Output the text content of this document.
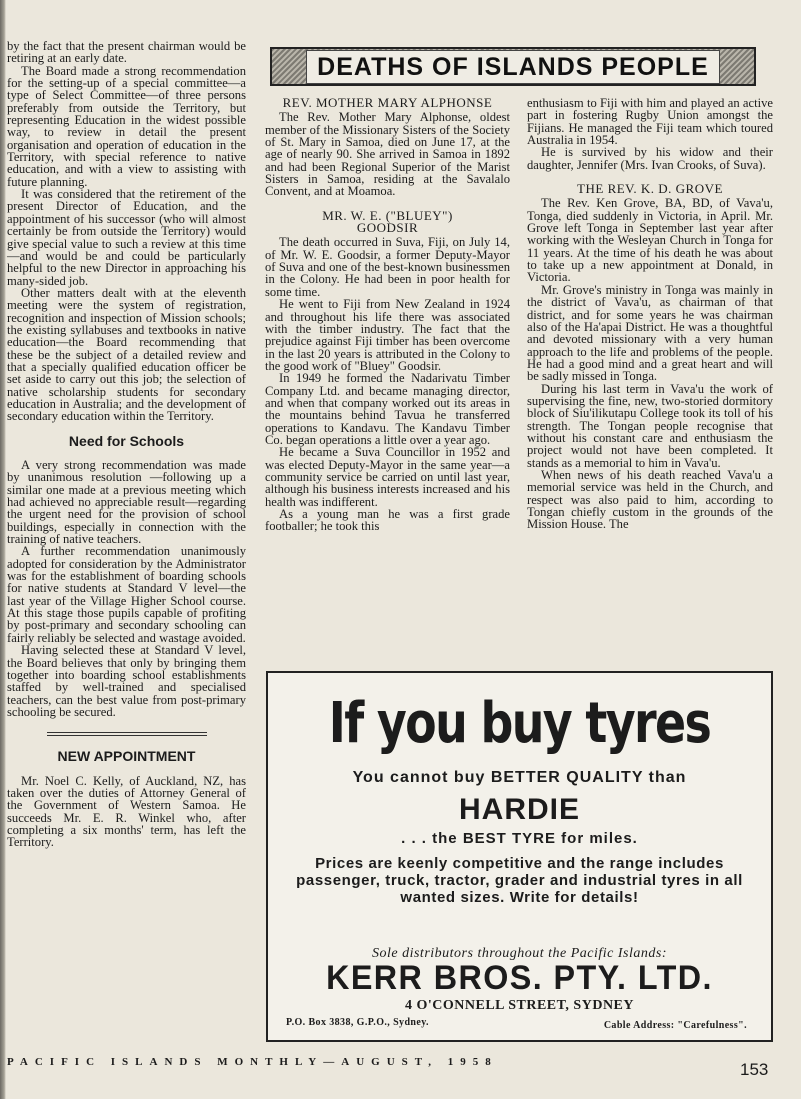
by the fact that the present chairman would be retiring at an early date.

The Board made a strong recommendation for the setting-up of a special committee—a type of Select Committee—of three persons preferably from outside the Territory, but representing Education in the widest possible way, to review in detail the present organisation and operation of education in the Territory, with special reference to native education, and with a view to assisting with future planning.

It was considered that the retirement of the present Director of Education, and the appointment of his successor (who will almost certainly be from outside the Territory) would give special value to such a review at this time—and would be and could be particularly helpful to the new Director in approaching his many-sided job.

Other matters dealt with at the eleventh meeting were the system of registration, recognition and inspection of Mission schools; the existing syllabuses and textbooks in native education—the Board recommending that these be the subject of a detailed review and that a specially qualified education officer be set aside to carry out this job; the selection of native scholarship students for secondary education in Australia; and the development of secondary education within the Territory.

Need for Schools

A very strong recommendation was made by unanimous resolution —following up a similar one made at a previous meeting which had achieved no appreciable result—regarding the urgent need for the provision of school buildings, especially in connection with the training of native teachers.

A further recommendation unanimously adopted for consideration by the Administrator was for the establishment of boarding schools for native students at Standard V level—the last year of the Village Higher School course. At this stage those pupils capable of profiting by post-primary and secondary schooling can fairly reliably be selected and wastage avoided.

Having selected these at Standard V level, the Board believes that only by bringing them together into boarding school establishments staffed by well-trained and specialised teachers, can the best value from post-primary schooling be secured.

NEW APPOINTMENT

Mr. Noel C. Kelly, of Auckland, NZ, has taken over the duties of Attorney General of the Government of Western Samoa. He succeeds Mr. E. R. Winkel who, after completing a six months' term, has left the Territory.

DEATHS OF ISLANDS PEOPLE
REV. MOTHER MARY ALPHONSE

The Rev. Mother Mary Alphonse, oldest member of the Missionary Sisters of the Society of St. Mary in Samoa, died on June 17, at the age of nearly 90. She arrived in Samoa in 1892 and had been Regional Superior of the Marist Sisters in Samoa, residing at the Savalalo Convent, and at Moamoa.

MR. W. E. ("BLUEY")
GOODSIR

The death occurred in Suva, Fiji, on July 14, of Mr. W. E. Goodsir, a former Deputy-Mayor of Suva and one of the best-known businessmen in the Colony. He had been in poor health for some time.

He went to Fiji from New Zealand in 1924 and throughout his life there was associated with the timber industry. The fact that the prejudice against Fiji timber has been overcome in the last 20 years is attributed in the Colony to the good work of "Bluey" Goodsir.

In 1949 he formed the Nadarivatu Timber Company Ltd. and became managing director, and when that company worked out its areas in the mountains behind Tavua he transferred operations to Kandavu. The Kandavu Timber Co. began operations a little over a year ago.

He became a Suva Councillor in 1952 and was elected Deputy-Mayor in the same year—a community service be carried on until last year, although his business interests increased and his health was indifferent.

As a young man he was a first grade footballer; he took this

enthusiasm to Fiji with him and played an active part in fostering Rugby Union amongst the Fijians. He managed the Fiji team which toured Australia in 1954.

He is survived by his widow and their daughter, Jennifer (Mrs. Ivan Crooks, of Suva).

THE REV. K. D. GROVE

The Rev. Ken Grove, BA, BD, of Vava'u, Tonga, died suddenly in Victoria, in April. Mr. Grove left Tonga in September last year after working with the Wesleyan Church in Tonga for 11 years. At the time of his death he was about to take up a new appointment at Donald, in Victoria.

Mr. Grove's ministry in Tonga was mainly in the district of Vava'u, as chairman of that district, and for some years he was chairman also of the Ha'apai District. He was a thoughtful and devoted missionary with a very human approach to the life and problems of the people. He had a good mind and a great heart and will be sadly missed in Tonga.

During his last term in Vava'u the work of supervising the fine, new, two-storied dormitory block of Siu'ilikutapu College took its toll of his strength. The Tongan people recognise that without his constant care and enthusiasm the project would not have been completed. It stands as a memorial to him in Vava'u.

When news of his death reached Vava'u a memorial service was held in the Church, and respect was also paid to him, according to Tongan chiefly custom in the grounds of the Mission House. The

If you buy tyres
You cannot buy BETTER QUALITY than
HARDIE
. . . the BEST TYRE for miles.
Prices are keenly competitive and the range includes passenger, truck, tractor, grader and industrial tyres in all wanted sizes. Write for details!
Sole distributors throughout the Pacific Islands:
KERR BROS. PTY. LTD.
4 O'CONNELL STREET, SYDNEY
P.O. Box 3838, G.P.O., Sydney.	Cable Address: "Carefulness".
PACIFIC ISLANDS MONTHLY—AUGUST, 1958	153
